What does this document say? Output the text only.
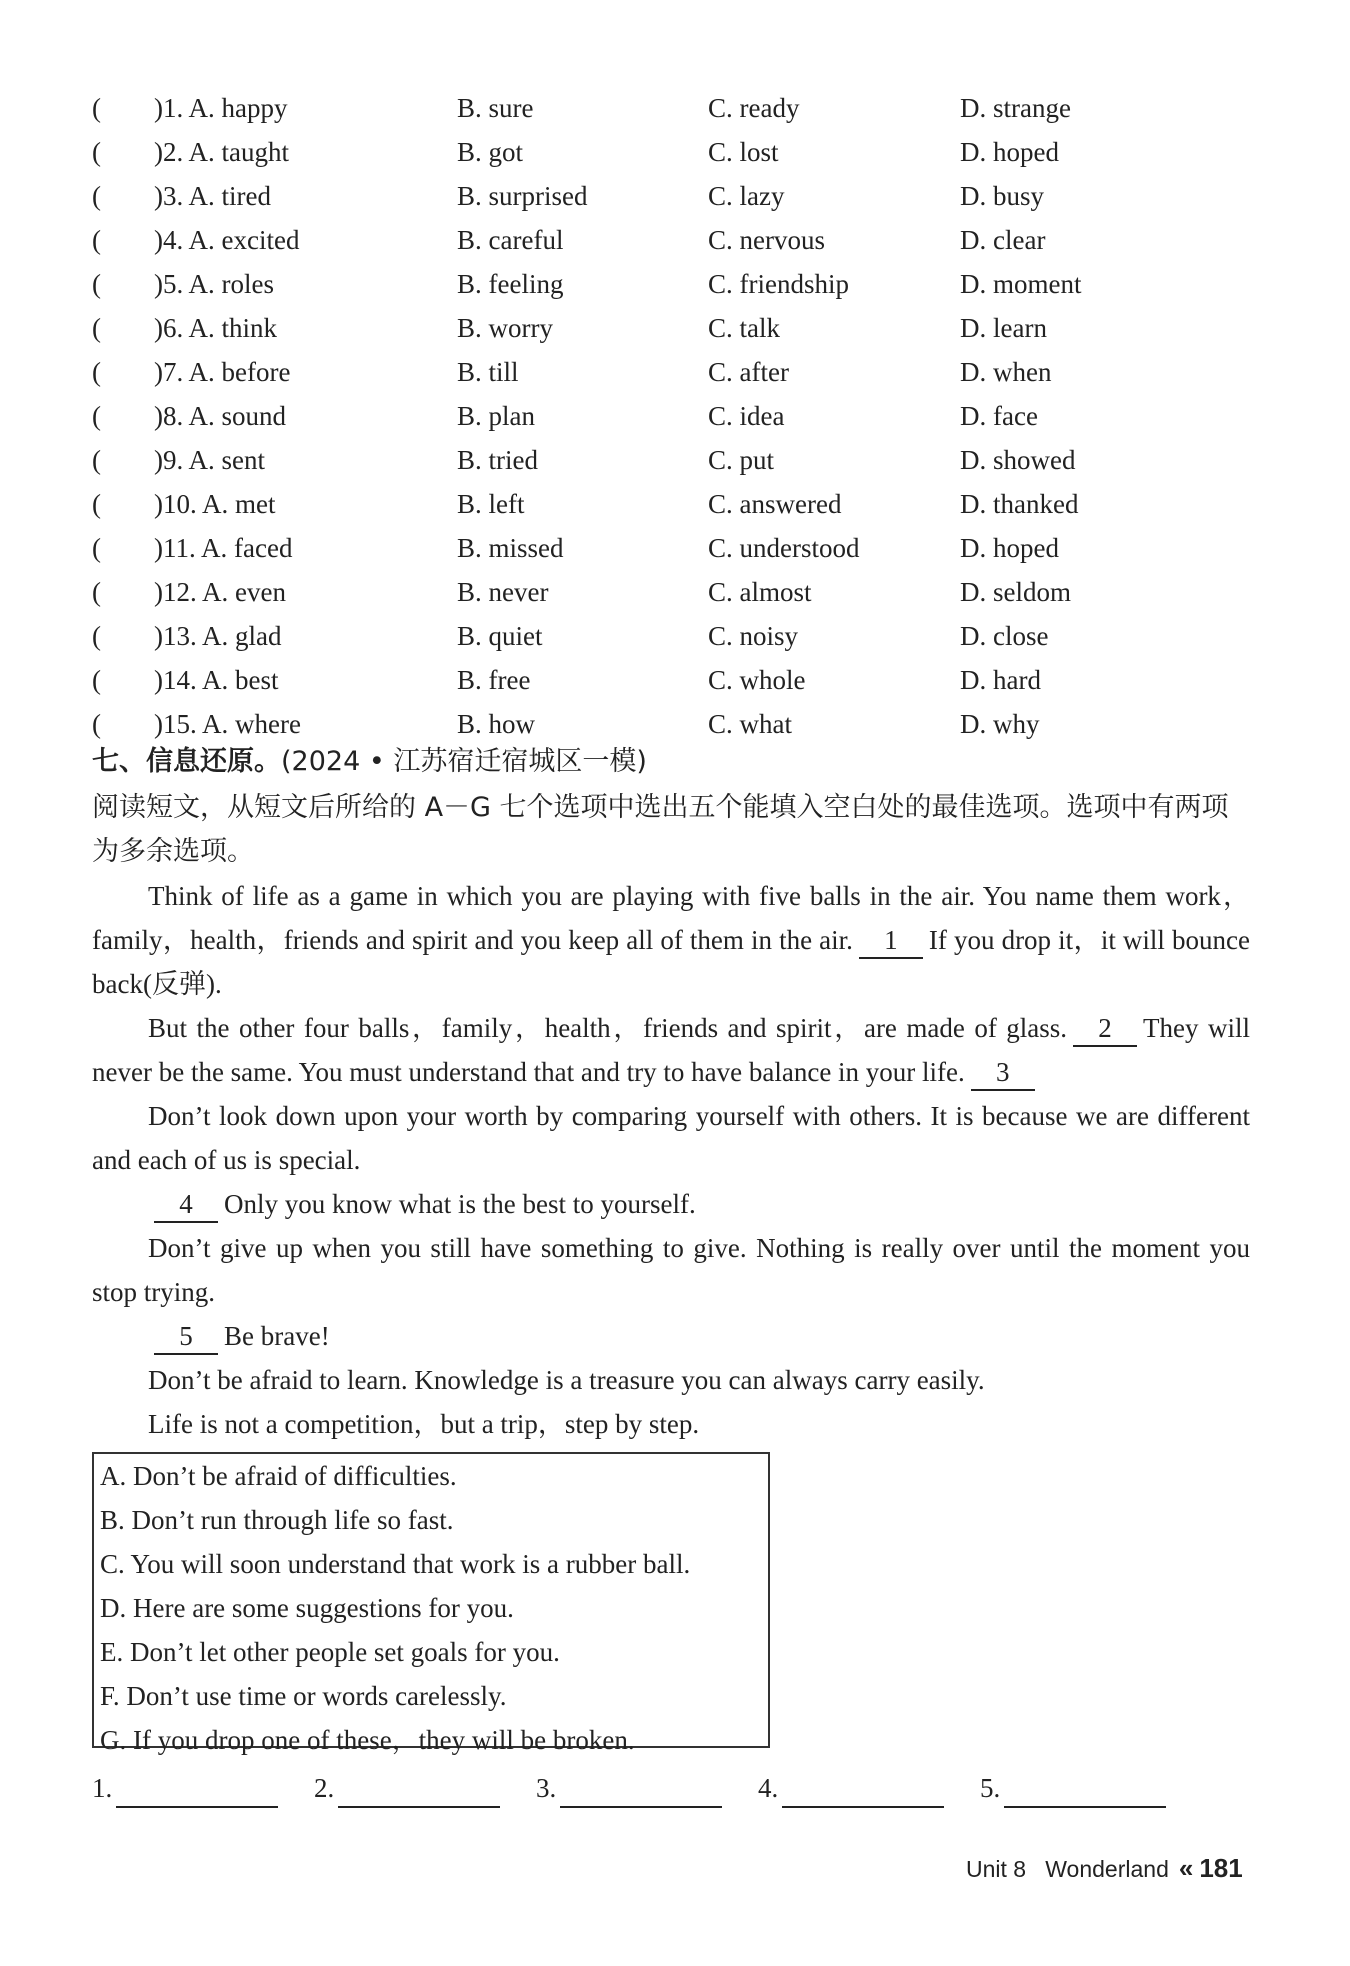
( )1. A. happy	B. sure	C. ready	D. strange
( )2. A. taught	B. got	C. lost	D. hoped
( )3. A. tired	B. surprised	C. lazy	D. busy
( )4. A. excited	B. careful	C. nervous	D. clear
( )5. A. roles	B. feeling	C. friendship	D. moment
( )6. A. think	B. worry	C. talk	D. learn
( )7. A. before	B. till	C. after	D. when
( )8. A. sound	B. plan	C. idea	D. face
( )9. A. sent	B. tried	C. put	D. showed
( )10. A. met	B. left	C. answered	D. thanked
( )11. A. faced	B. missed	C. understood	D. hoped
( )12. A. even	B. never	C. almost	D. seldom
( )13. A. glad	B. quiet	C. noisy	D. close
( )14. A. best	B. free	C. whole	D. hard
( )15. A. where	B. how	C. what	D. why
七、信息还原。(2024 • 江苏宿迁宿城区一模)
阅读短文，从短文后所给的 A－G 七个选项中选出五个能填入空白处的最佳选项。选项中有两项为多余选项。

Think of life as a game in which you are playing with five balls in the air. You name them work，family，health，friends and spirit and you keep all of them in the air. 1 If you drop it，it will bounce back(反弹).

But the other four balls，family，health，friends and spirit，are made of glass. 2 They will never be the same. You must understand that and try to have balance in your life. 3

Don’t look down upon your worth by comparing yourself with others. It is because we are different and each of us is special.

4 Only you know what is the best to yourself.

Don’t give up when you still have something to give. Nothing is really over until the moment you stop trying.

5 Be brave!

Don’t be afraid to learn. Knowledge is a treasure you can always carry easily.

Life is not a competition，but a trip，step by step.

A. Don’t be afraid of difficulties.
B. Don’t run through life so fast.
C. You will soon understand that work is a rubber ball.
D. Here are some suggestions for you.
E. Don’t let other people set goals for you.
F. Don’t use time or words carelessly.
G. If you drop one of these，they will be broken.
1.	2.	3.	4.	5.
Unit 8 Wonderland « 181
